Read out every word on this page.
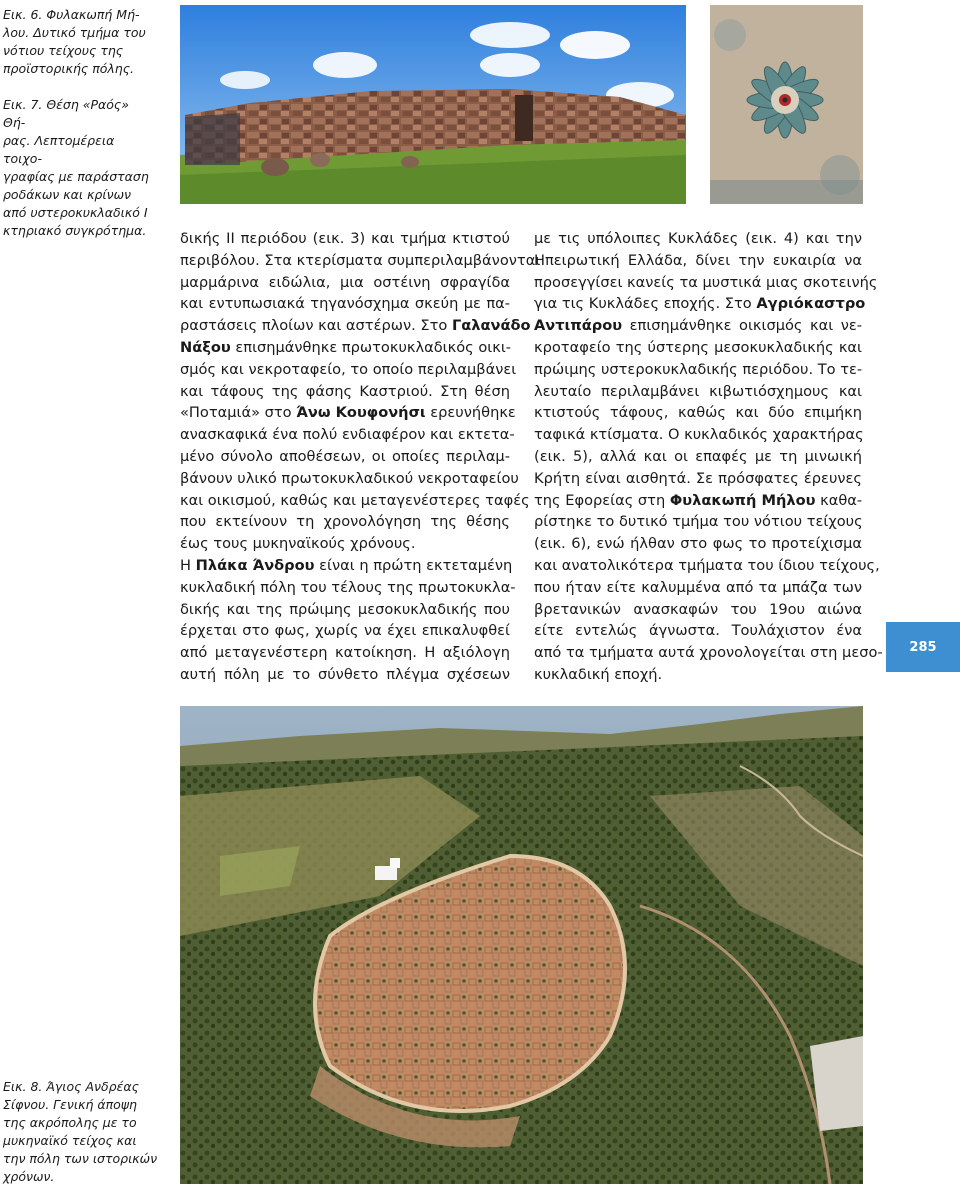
Εικ. 6. Φυλακωπή Μή-
λου. Δυτικό τμήμα του
νότιου τείχους της
προϊστορικής πόλης.

Εικ. 7. Θέση «Ραός» Θή-
ρας. Λεπτομέρεια τοιχο-
γραφίας με παράσταση
ροδάκων και κρίνων
από υστεροκυκλαδικό Ι
κτηριακό συγκρότημα.

Εικ. 8. Άγιος Ανδρέας
Σίφνου. Γενική άποψη
της ακρόπολης με το
μυκηναϊκό τείχος και
την πόλη των ιστορικών
χρόνων.

δικής ΙΙ περιόδου (εικ. 3) και τμήμα κτιστού
περιβόλου. Στα κτερίσματα συμπεριλαμβάνονται
μαρμάρινα ειδώλια, μια οστέινη σφραγίδα
και εντυπωσιακά τηγανόσχημα σκεύη με πα-
ραστάσεις πλοίων και αστέρων. Στο Γαλανάδο
Νάξου επισημάνθηκε πρωτοκυκλαδικός οικι-
σμός και νεκροταφείο, το οποίο περιλαμβάνει
και τάφους της φάσης Καστριού. Στη θέση
«Ποταμιά» στο Άνω Κουφονήσι ερευνήθηκε
ανασκαφικά ένα πολύ ενδιαφέρον και εκτετα-
μένο σύνολο αποθέσεων, οι οποίες περιλαμ-
βάνουν υλικό πρωτοκυκλαδικού νεκροταφείου
και οικισμού, καθώς και μεταγενέστερες ταφές
που εκτείνουν τη χρονολόγηση της θέσης
έως τους μυκηναϊκούς χρόνους.
Η Πλάκα Άνδρου είναι η πρώτη εκτεταμένη
κυκλαδική πόλη του τέλους της πρωτοκυκλα-
δικής και της πρώιμης μεσοκυκλαδικής που
έρχεται στο φως, χωρίς να έχει επικαλυφθεί
από μεταγενέστερη κατοίκηση. Η αξιόλογη
αυτή πόλη με το σύνθετο πλέγμα σχέσεων
με τις υπόλοιπες Κυκλάδες (εικ. 4) και την
Ηπειρωτική Ελλάδα, δίνει την ευκαιρία να
προσεγγίσει κανείς τα μυστικά μιας σκοτεινής
για τις Κυκλάδες εποχής. Στο Αγριόκαστρο
Αντιπάρου επισημάνθηκε οικισμός και νε-
κροταφείο της ύστερης μεσοκυκλαδικής και
πρώιμης υστεροκυκλαδικής περιόδου. Το τε-
λευταίο περιλαμβάνει κιβωτιόσχημους και
κτιστούς τάφους, καθώς και δύο επιμήκη
ταφικά κτίσματα. Ο κυκλαδικός χαρακτήρας
(εικ. 5), αλλά και οι επαφές με τη μινωική
Κρήτη είναι αισθητά. Σε πρόσφατες έρευνες
της Εφορείας στη Φυλακωπή Μήλου καθα-
ρίστηκε το δυτικό τμήμα του νότιου τείχους
(εικ. 6), ενώ ήλθαν στο φως το προτείχισμα
και ανατολικότερα τμήματα του ίδιου τείχους,
που ήταν είτε καλυμμένα από τα μπάζα των
βρετανικών ανασκαφών του 19ου αιώνα
είτε εντελώς άγνωστα. Τουλάχιστον ένα
από τα τμήματα αυτά χρονολογείται στη μεσο-
κυκλαδική εποχή.
285
